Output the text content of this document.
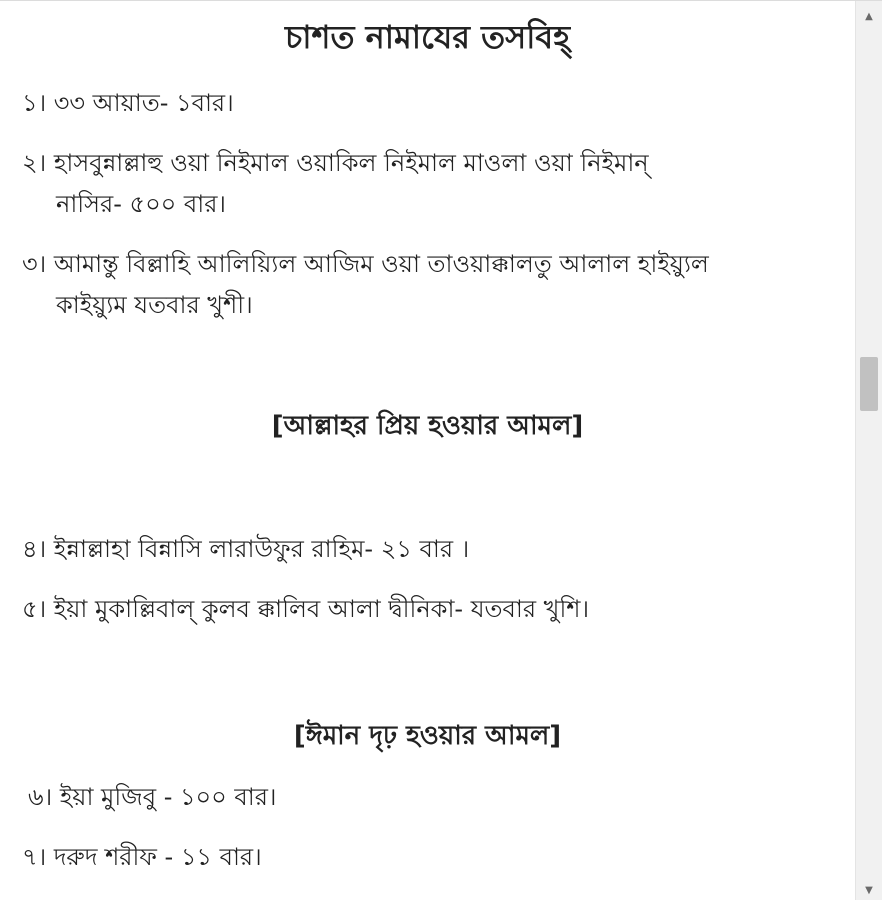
চাশত নামাযের তসবিহ্
১। ৩৩ আয়াত- ১বার।
২। হাসবুন্নাল্লাহু ওয়া নিইমাল ওয়াকিল নিইমাল মাওলা ওয়া নিইমান্
নাসির- ৫০০ বার।
৩। আমান্তু বিল্লাহি আলিয়্যিল আজিম ওয়া তাওয়াক্কালতু আলাল হাইয়্যুল
কাইয়্যুম যতবার খুশী।
[আল্লাহর প্রিয় হওয়ার আমল]
৪। ইন্নাল্লাহা বিন্নাসি লারাউফুর রাহিম- ২১ বার ।
৫। ইয়া মুকাল্লিবাল্ কুলব ক্কালিব আলা দ্বীনিকা- যতবার খুশি।
[ঈমান দৃঢ় হওয়ার আমল]
৬। ইয়া মুজিবু - ১০০ বার।
৭। দরুদ শরীফ - ১১ বার।
▲
▼
